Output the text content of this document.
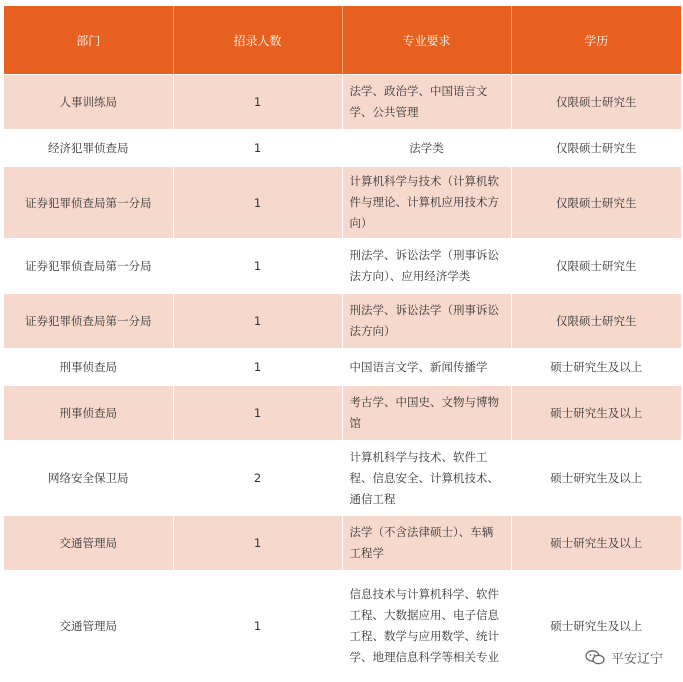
部门	招录人数	专业要求	学历
人事训练局	1	法学、政治学、中国语言文学、公共管理	仅限硕士研究生
经济犯罪侦查局	1	法学类	仅限硕士研究生
证券犯罪侦查局第一分局	1	计算机科学与技术（计算机软件与理论、计算机应用技术方向）	仅限硕士研究生
证券犯罪侦查局第一分局	1	刑法学、诉讼法学（刑事诉讼法方向）、应用经济学类	仅限硕士研究生
证券犯罪侦查局第一分局	1	刑法学、诉讼法学（刑事诉讼法方向）	仅限硕士研究生
刑事侦查局	1	中国语言文学、新闻传播学	硕士研究生及以上
刑事侦查局	1	考古学、中国史、文物与博物馆	硕士研究生及以上
网络安全保卫局	2	计算机科学与技术、软件工程、信息安全、计算机技术、通信工程	硕士研究生及以上
交通管理局	1	法学（不含法律硕士）、车辆工程学	硕士研究生及以上
交通管理局	1	信息技术与计算机科学、软件工程、大数据应用、电子信息工程、数学与应用数学、统计学、地理信息科学等相关专业	硕士研究生及以上
平安辽宁
